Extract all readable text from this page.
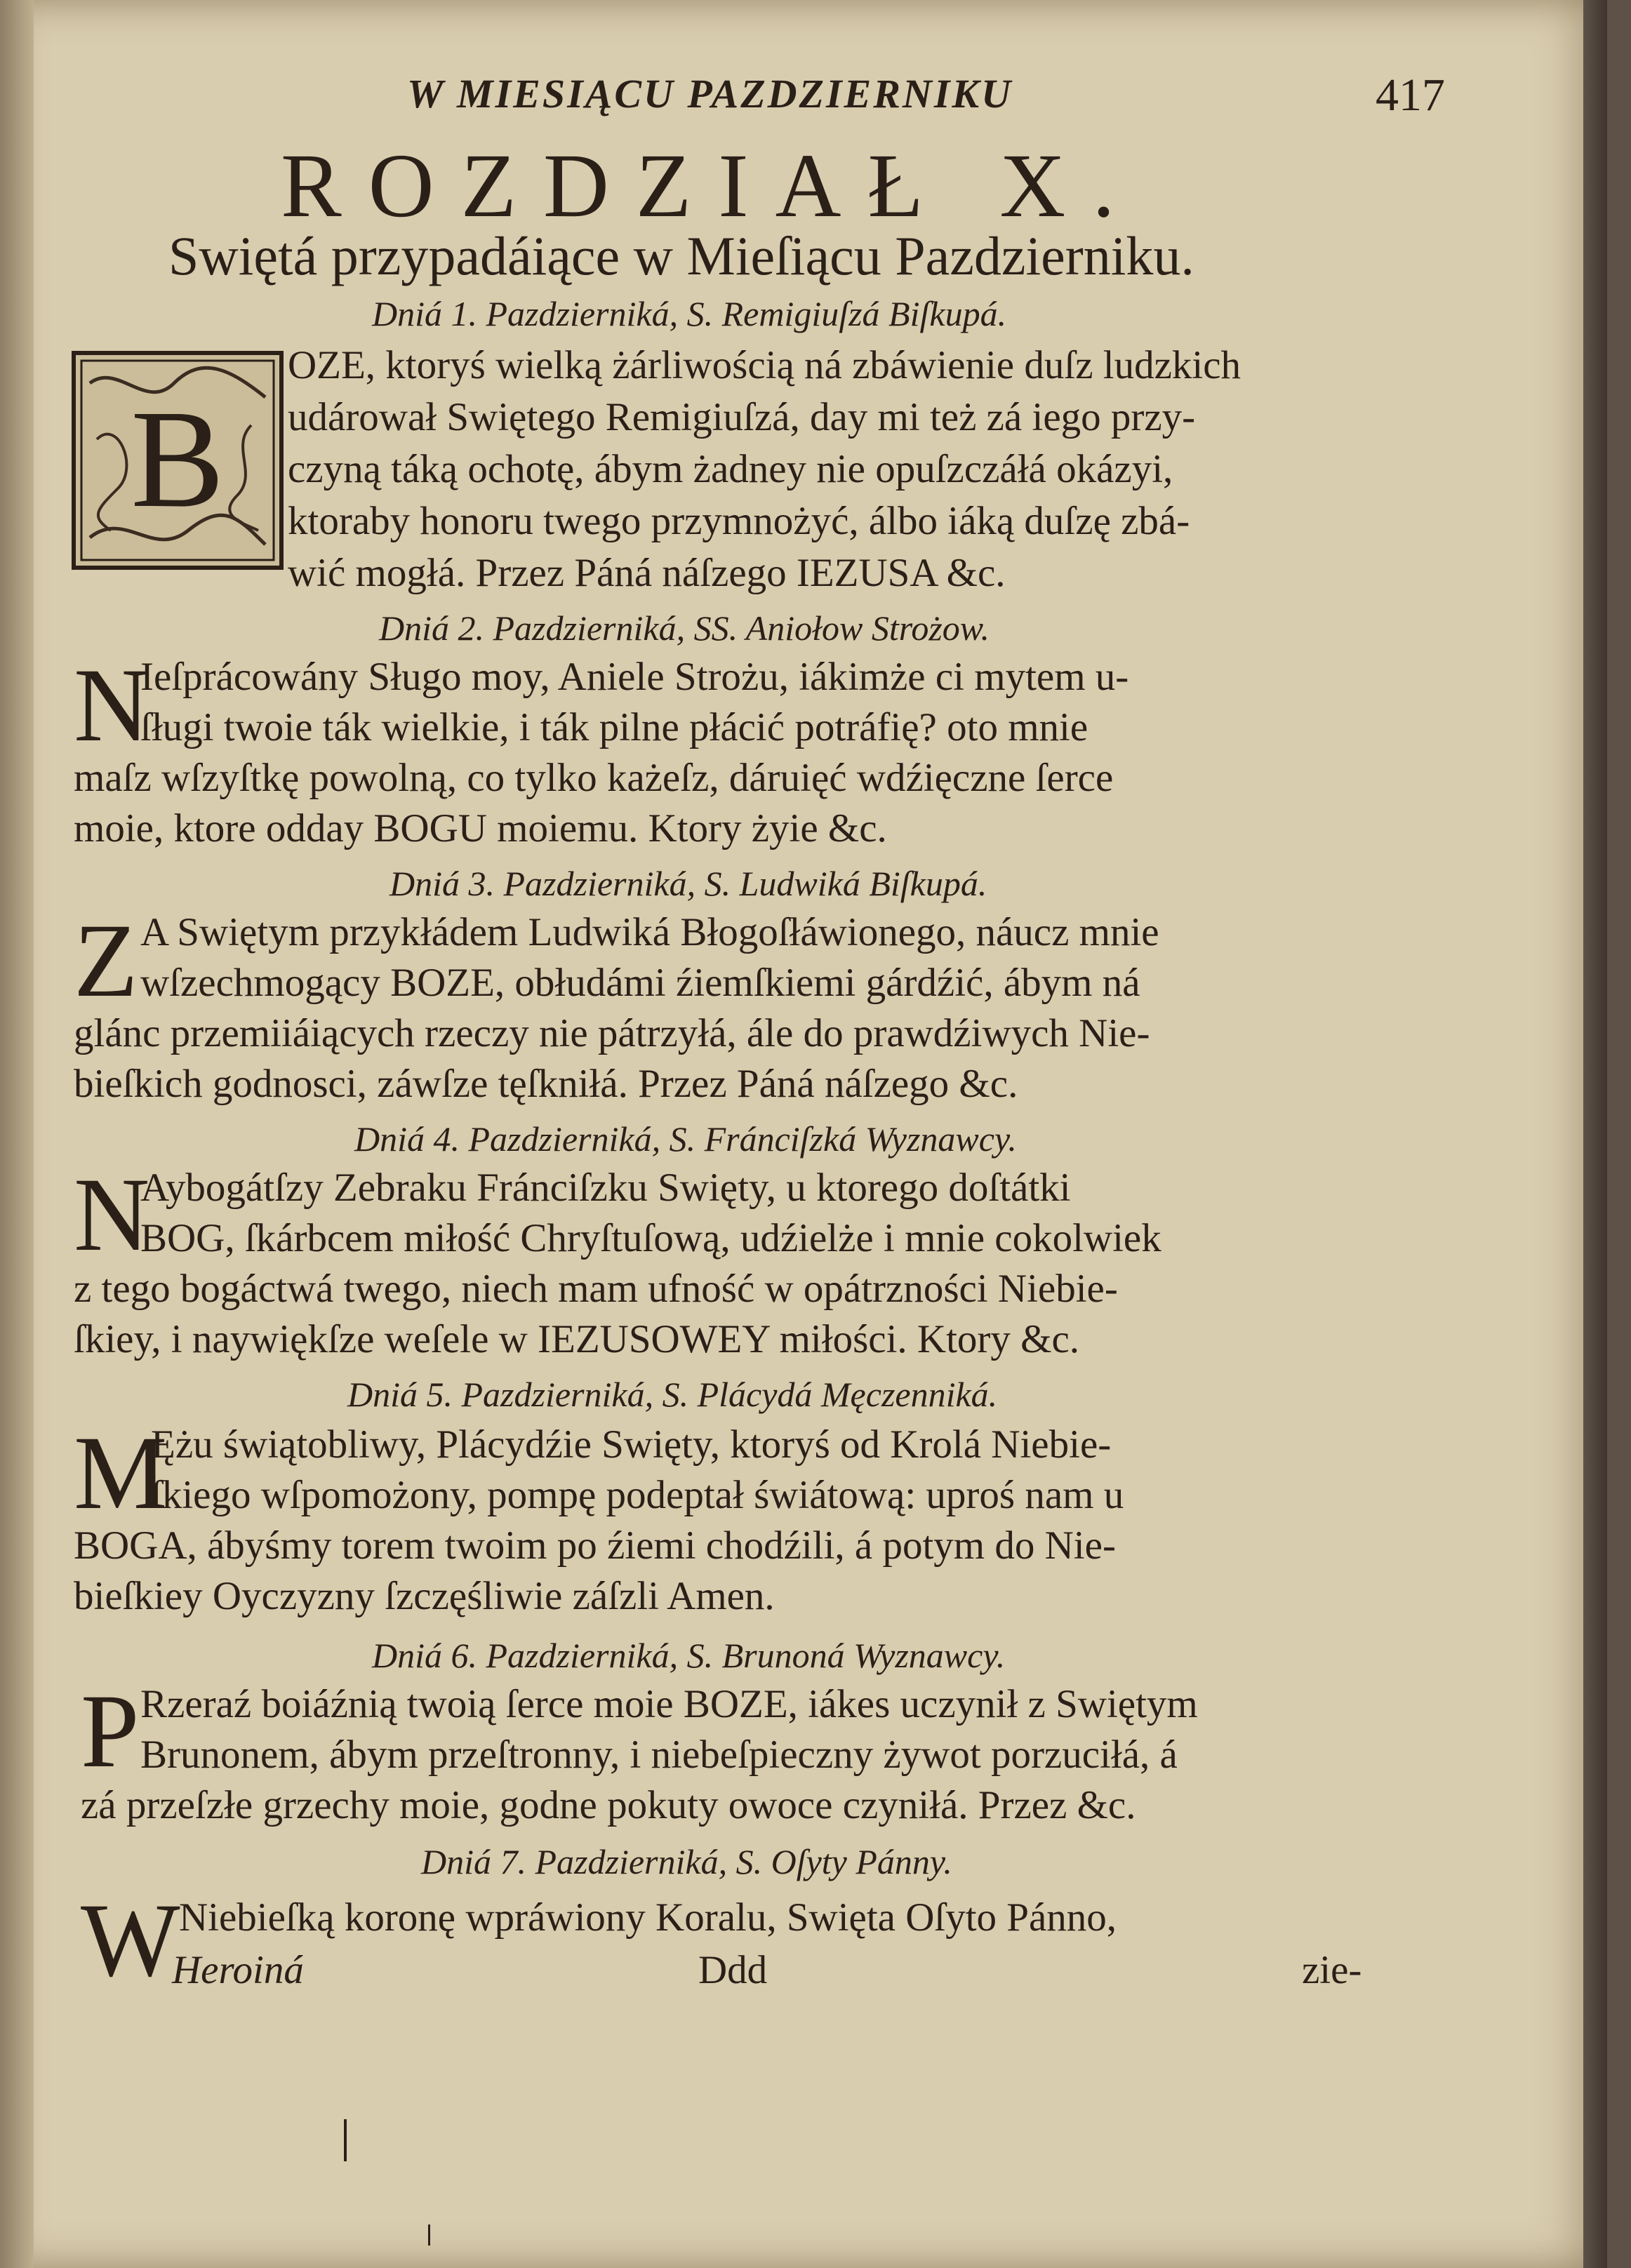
W MIESIĄCU PAZDZIERNIKU	417
ROZDZIAŁ X.
Swiętá przypadáiące w Mieſiącu Pazdzierniku.
Dniá 1. Pazdzierniká, S. Remigiuſzá Biſkupá.
B
OZE, ktoryś wielką żárliwością ná zbáwienie duſz ludzkich
udárował Swiętego Remigiuſzá, day mi też zá iego przy-
czyną táką ochotę, ábym żadney nie opuſzczáłá okázyi,
ktoraby honoru twego przymnożyć, álbo iáką duſzę zbá-
wić mogłá. Przez Páná náſzego IEZUSA &c.
Dniá 2. Pazdzierniká, SS. Aniołow Strożow.
N
Ieſprácowány Sługo moy, Aniele Strożu, iákimże ci mytem u-
ſługi twoie ták wielkie, i ták pilne płácić potráfię? oto mnie
maſz wſzyſtkę powolną, co tylko każeſz, dáruięć wdźięczne ſerce
moie, ktore odday BOGU moiemu. Ktory żyie &c.
Dniá 3. Pazdzierniká, S. Ludwiká Biſkupá.
Z A Swiętym przykłádem Ludwiká Błogoſłáwionego, náucz mnie
wſzechmogący BOZE, obłudámi źiemſkiemi gárdźić, ábym ná
glánc przemiiáiących rzeczy nie pátrzyłá, ále do prawdźiwych Nie-
bieſkich godnosci, záwſze tęſkniłá. Przez Páná náſzego &c.
Dniá 4. Pazdzierniká, S. Fránciſzká Wyznawcy.
N
Aybogátſzy Zebraku Fránciſzku Swięty, u ktorego doſtátki
BOG, ſkárbcem miłość Chryſtuſową, udźielże i mnie cokolwiek
z tego bogáctwá twego, niech mam ufność w opátrzności Niebie-
ſkiey, i naywiękſze weſele w IEZUSOWEY miłości. Ktory &c.
Dniá 5. Pazdzierniká, S. Plácydá Męczenniká.
M
Ężu świątobliwy, Plácydźie Swięty, ktoryś od Krolá Niebie-
ſkiego wſpomożony, pompę podeptał świátową: uproś nam u
BOGA, ábyśmy torem twoim po źiemi chodźili, á potym do Nie-
bieſkiey Oyczyzny ſzczęśliwie záſzli Amen.
Dniá 6. Pazdzierniká, S. Brunoná Wyznawcy.
P Rzeraź boiáźnią twoią ſerce moie BOZE, iákes uczynił z Swiętym
Brunonem, ábym przeſtronny, i niebeſpieczny żywot porzuciłá, á
zá przeſzłe grzechy moie, godne pokuty owoce czyniłá. Przez &c.
Dniá 7. Pazdzierniká, S. Oſyty Pánny.
W
Niebieſką koronę wpráwiony Koralu, Swięta Oſyto Pánno,
Heroiná	Ddd	zie-
